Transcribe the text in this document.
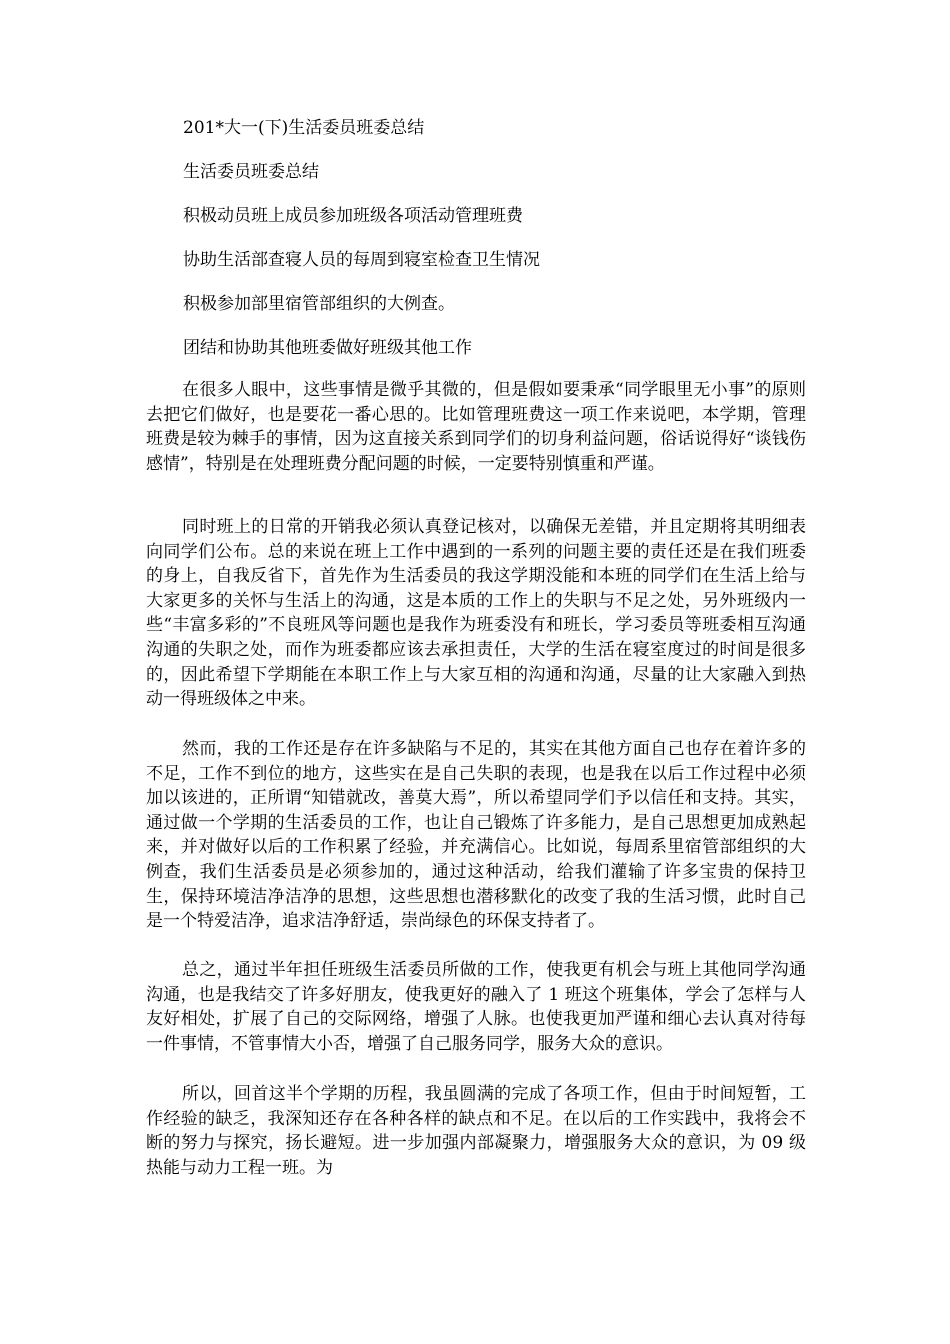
201*大一(下)生活委员班委总结
生活委员班委总结
积极动员班上成员参加班级各项活动管理班费
协助生活部查寝人员的每周到寝室检查卫生情况
积极参加部里宿管部组织的大例查。
团结和协助其他班委做好班级其他工作

在很多人眼中，这些事情是微乎其微的，但是假如要秉承“同学眼里无小事”的原则去把它们做好，也是要花一番心思的。比如管理班费这一项工作来说吧，本学期，管理班费是较为棘手的事情，因为这直接关系到同学们的切身利益问题，俗话说得好“谈钱伤感情”，特别是在处理班费分配问题的时候，一定要特别慎重和严谨。

同时班上的日常的开销我必须认真登记核对，以确保无差错，并且定期将其明细表向同学们公布。总的来说在班上工作中遇到的一系列的问题主要的责任还是在我们班委的身上，自我反省下，首先作为生活委员的我这学期没能和本班的同学们在生活上给与大家更多的关怀与生活上的沟通，这是本质的工作上的失职与不足之处，另外班级内一些“丰富多彩的”不良班风等问题也是我作为班委没有和班长，学习委员等班委相互沟通沟通的失职之处，而作为班委都应该去承担责任，大学的生活在寝室度过的时间是很多的，因此希望下学期能在本职工作上与大家互相的沟通和沟通，尽量的让大家融入到热动一得班级体之中来。

然而，我的工作还是存在许多缺陷与不足的，其实在其他方面自己也存在着许多的不足，工作不到位的地方，这些实在是自己失职的表现，也是我在以后工作过程中必须加以该进的，正所谓“知错就改，善莫大焉”，所以希望同学们予以信任和支持。其实，通过做一个学期的生活委员的工作，也让自己锻炼了许多能力，是自己思想更加成熟起来，并对做好以后的工作积累了经验，并充满信心。比如说，每周系里宿管部组织的大例查，我们生活委员是必须参加的，通过这种活动，给我们灌输了许多宝贵的保持卫生，保持环境洁净洁净的思想，这些思想也潜移默化的改变了我的生活习惯，此时自己是一个特爱洁净，追求洁净舒适，崇尚绿色的环保支持者了。

总之，通过半年担任班级生活委员所做的工作，使我更有机会与班上其他同学沟通沟通，也是我结交了许多好朋友，使我更好的融入了 1 班这个班集体，学会了怎样与人友好相处，扩展了自己的交际网络，增强了人脉。也使我更加严谨和细心去认真对待每一件事情，不管事情大小否，增强了自己服务同学，服务大众的意识。

所以，回首这半个学期的历程，我虽圆满的完成了各项工作，但由于时间短暂，工作经验的缺乏，我深知还存在各种各样的缺点和不足。在以后的工作实践中，我将会不断的努力与探究，扬长避短。进一步加强内部凝聚力，增强服务大众的意识，为 09 级热能与动力工程一班。为
